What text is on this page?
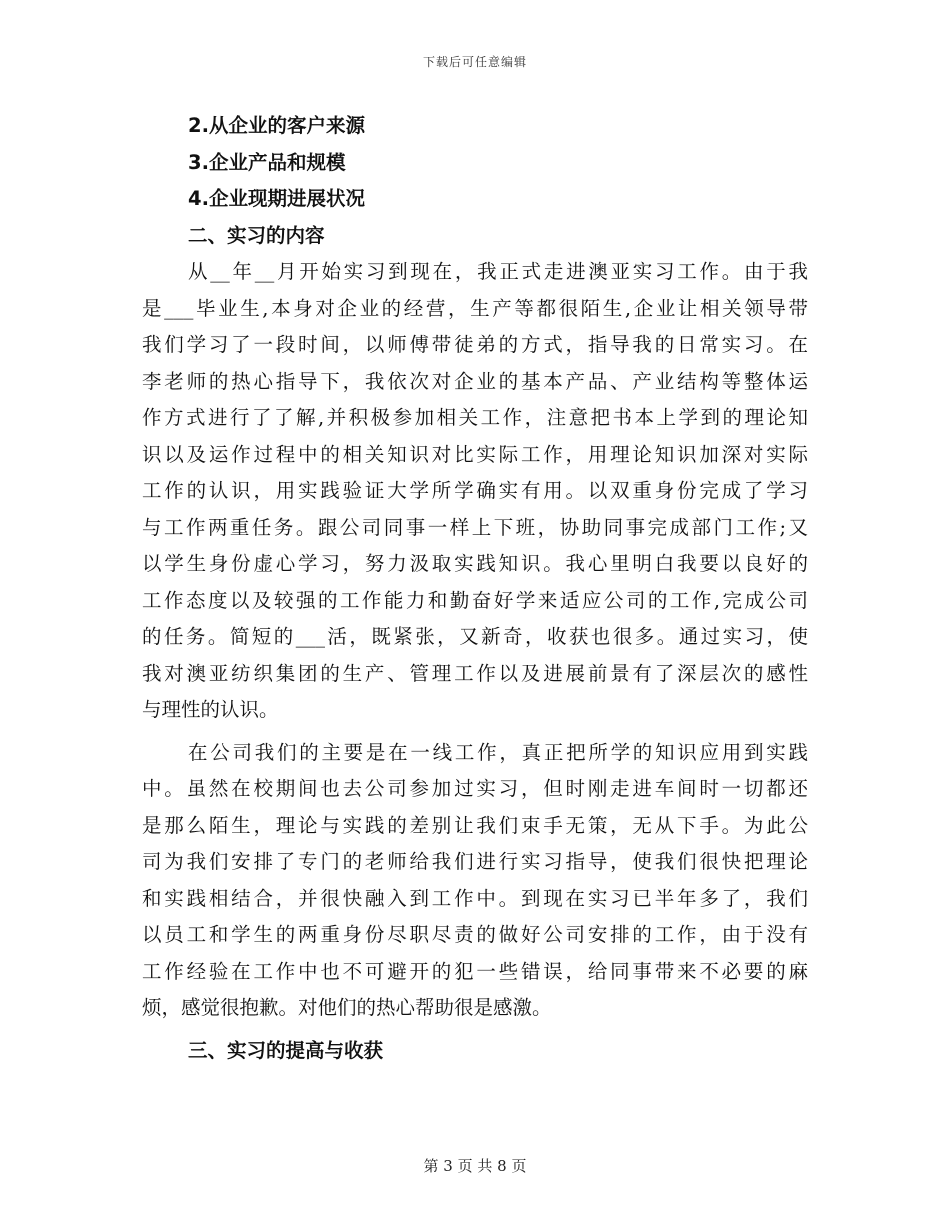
下载后可任意编辑
2.从企业的客户来源
3.企业产品和规模
4.企业现期进展状况
二、实习的内容
从__年__月开始实习到现在，我正式走进澳亚实习工作。由于我
是___毕业生,本身对企业的经营，生产等都很陌生,企业让相关领导带
我们学习了一段时间，以师傅带徒弟的方式，指导我的日常实习。在
李老师的热心指导下，我依次对企业的基本产品、产业结构等整体运
作方式进行了了解,并积极参加相关工作，注意把书本上学到的理论知
识以及运作过程中的相关知识对比实际工作，用理论知识加深对实际
工作的认识，用实践验证大学所学确实有用。以双重身份完成了学习
与工作两重任务。跟公司同事一样上下班，协助同事完成部门工作;又
以学生身份虚心学习，努力汲取实践知识。我心里明白我要以良好的
工作态度以及较强的工作能力和勤奋好学来适应公司的工作,完成公司
的任务。简短的___活，既紧张，又新奇，收获也很多。通过实习，使
我对澳亚纺织集团的生产、管理工作以及进展前景有了深层次的感性
与理性的认识。
在公司我们的主要是在一线工作，真正把所学的知识应用到实践
中。虽然在校期间也去公司参加过实习，但时刚走进车间时一切都还
是那么陌生，理论与实践的差别让我们束手无策，无从下手。为此公
司为我们安排了专门的老师给我们进行实习指导，使我们很快把理论
和实践相结合，并很快融入到工作中。到现在实习已半年多了，我们
以员工和学生的两重身份尽职尽责的做好公司安排的工作，由于没有
工作经验在工作中也不可避开的犯一些错误，给同事带来不必要的麻
烦，感觉很抱歉。对他们的热心帮助很是感激。
三、实习的提高与收获
第 3 页 共 8 页
